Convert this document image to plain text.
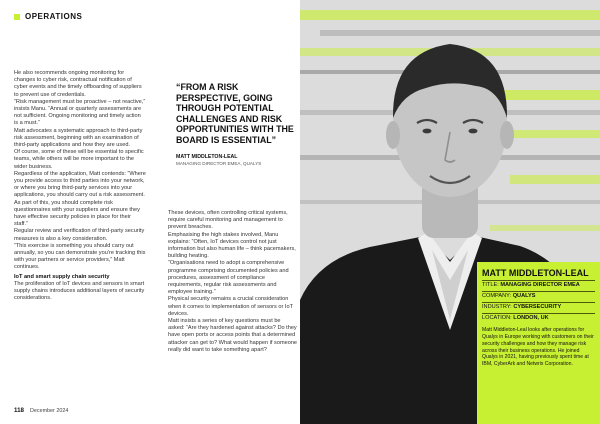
OPERATIONS

He also recommends ongoing monitoring for changes to cyber risk, contractual notification of cyber events and the timely offboarding of suppliers to prevent use of credentials.

“Risk management must be proactive – not reactive,” insists Manu. “Annual or quarterly assessments are not sufficient. Ongoing monitoring and timely action is a must.”

Matt advocates a systematic approach to third-party risk assessment, beginning with an examination of third-party applications and how they are used.

Of course, some of these will be essential to specific teams, while others will be more important to the wider business.

Regardless of the application, Matt contends: “Where you provide access to third parties into your network, or where you bring third-party services into your applications, you should carry out a risk assessment. As part of this, you should complete risk questionnaires with your suppliers and ensure they have effective security policies in place for their staff.”

Regular review and verification of third-party security measures is also a key consideration.

“This exercise is something you should carry out annually, so you can demonstrate you’re tracking this with your partners or service providers,” Matt continues.

IoT and smart supply chain security

The proliferation of IoT devices and sensors in smart supply chains introduces additional layers of security considerations.

“FROM A RISK PERSPECTIVE, GOING THROUGH POTENTIAL CHALLENGES AND RISK OPPORTUNITIES WITH THE BOARD IS ESSENTIAL”
MATT MIDDLETON-LEAL
MANAGING DIRECTOR EMEA, QUALYS

These devices, often controlling critical systems, require careful monitoring and management to prevent breaches.

Emphasising the high stakes involved, Manu explains: “Often, IoT devices control not just information but also human life – think pacemakers, building heating.

“Organisations need to adopt a comprehensive programme comprising documented policies and procedures, assessment of compliance requirements, regular risk assessments and employee training.”

Physical security remains a crucial consideration when it comes to implementation of sensors or IoT devices.

Matt insists a series of key questions must be asked: “Are they hardened against attacks? Do they have open ports or access points that a determined attacker can get to? What would happen if someone really did want to take something apart?

MATT MIDDLETON-LEAL
TITLE: MANAGING DIRECTOR EMEA
COMPANY: QUALYS
INDUSTRY: CYBERSECURITY
LOCATION: LONDON, UK
Matt Middleton-Leal looks after operations for Qualys in Europe working with customers on their security challenges and how they manage risk across their business operations. He joined Qualys in 2021, having previously spent time at IBM, CyberArk and Netwrix Corporation.
118 December 2024
